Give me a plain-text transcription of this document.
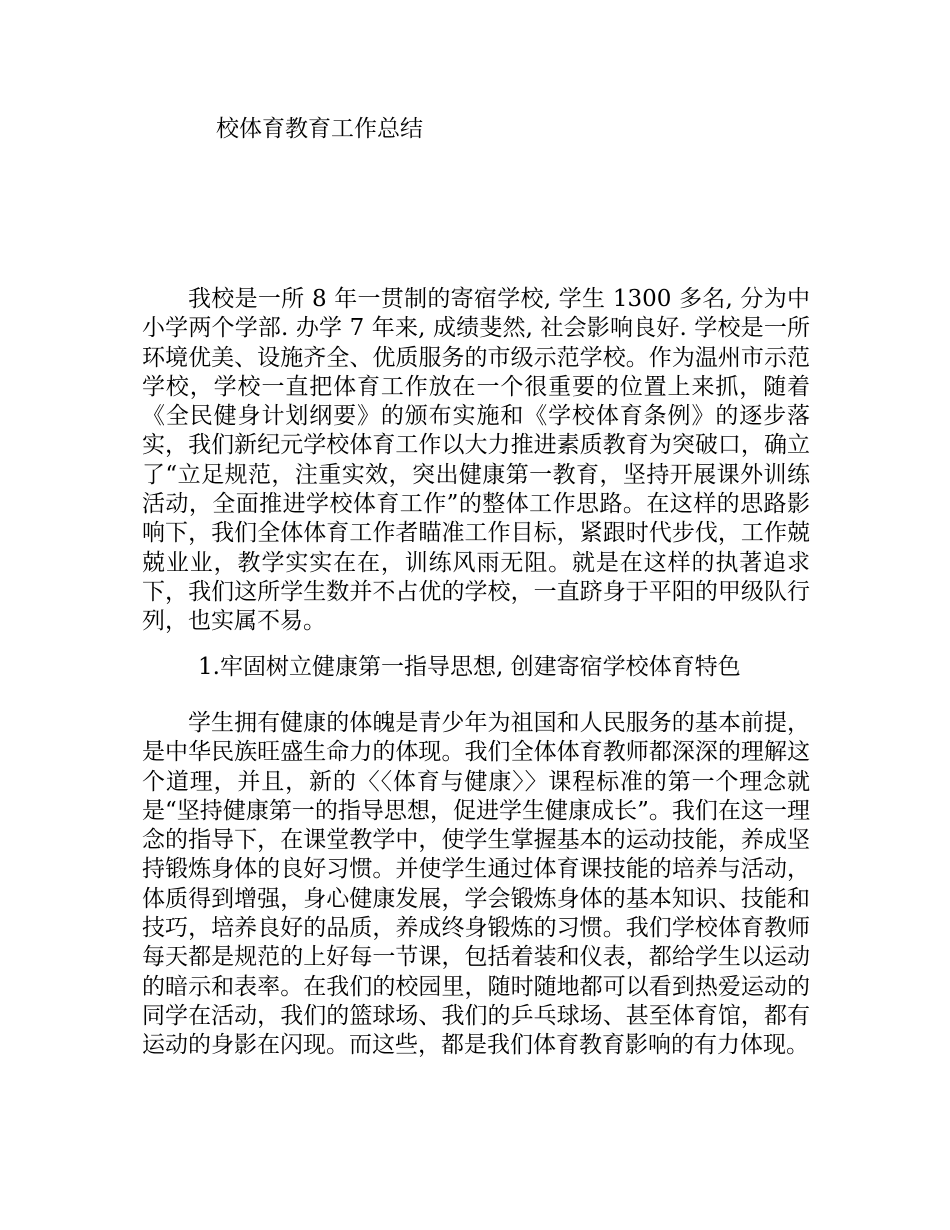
校体育教育工作总结

我校是一所 8 年一贯制的寄宿学校, 学生 1300 多名, 分为中小学两个学部. 办学 7 年来, 成绩斐然, 社会影响良好. 学校是一所环境优美、设施齐全、优质服务的市级示范学校。作为温州市示范学校，学校一直把体育工作放在一个很重要的位置上来抓，随着《全民健身计划纲要》的颁布实施和《学校体育条例》的逐步落实，我们新纪元学校体育工作以大力推进素质教育为突破口，确立了“立足规范，注重实效，突出健康第一教育，坚持开展课外训练活动，全面推进学校体育工作”的整体工作思路。在这样的思路影响下，我们全体体育工作者瞄准工作目标，紧跟时代步伐，工作兢兢业业，教学实实在在，训练风雨无阻。就是在这样的执著追求下，我们这所学生数并不占优的学校，一直跻身于平阳的甲级队行列，也实属不易。

1.牢固树立健康第一指导思想, 创建寄宿学校体育特色

学生拥有健康的体魄是青少年为祖国和人民服务的基本前提，是中华民族旺盛生命力的体现。我们全体体育教师都深深的理解这个道理，并且，新的〈〈体育与健康〉〉课程标准的第一个理念就是“坚持健康第一的指导思想，促进学生健康成长”。我们在这一理念的指导下，在课堂教学中，使学生掌握基本的运动技能，养成坚持锻炼身体的良好习惯。并使学生通过体育课技能的培养与活动，体质得到增强，身心健康发展，学会锻炼身体的基本知识、技能和技巧，培养良好的品质，养成终身锻炼的习惯。我们学校体育教师每天都是规范的上好每一节课，包括着装和仪表，都给学生以运动的暗示和表率。在我们的校园里，随时随地都可以看到热爱运动的同学在活动，我们的篮球场、我们的乒乓球场、甚至体育馆，都有运动的身影在闪现。而这些，都是我们体育教育影响的有力体现。
